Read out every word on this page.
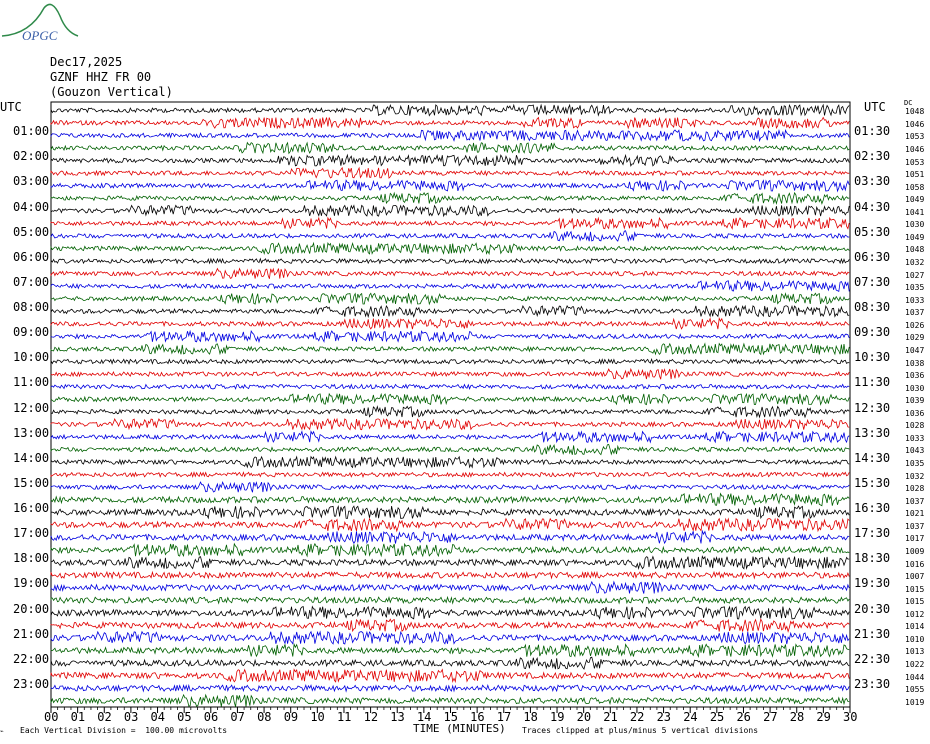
OPGC
Dec17,2025
GZNF HHZ FR 00
(Gouzon Vertical)
UTC	UTC	DC
01:00
02:00
03:00
04:00
05:00
06:00
07:00
08:00
09:00
10:00
11:00
12:00
13:00
14:00
15:00
16:00
17:00
18:00
19:00
20:00
21:00
22:00
23:00
01:30
02:30
03:30
04:30
05:30
06:30
07:30
08:30
09:30
10:30
11:30
12:30
13:30
14:30
15:30
16:30
17:30
18:30
19:30
20:30
21:30
22:30
23:30
1048
1046
1053
1046
1053
1051
1058
1049
1041
1030
1049
1048
1032
1027
1035
1033
1037
1026
1029
1047
1038
1036
1030
1039
1036
1028
1033
1043
1035
1032
1028
1037
1021
1037
1017
1009
1016
1007
1015
1015
1012
1014
1010
1013
1022
1044
1055
1019
00 01 02 03 04 05 06 07 08 09 10 11 12 13 14 15 16 17 18 19 20 21 22 23 24 25 26 27 28 29 30
⌁ Each Vertical Division =  100.00 microvolts	TIME (MINUTES) Traces clipped at plus/minus 5 vertical divisions
